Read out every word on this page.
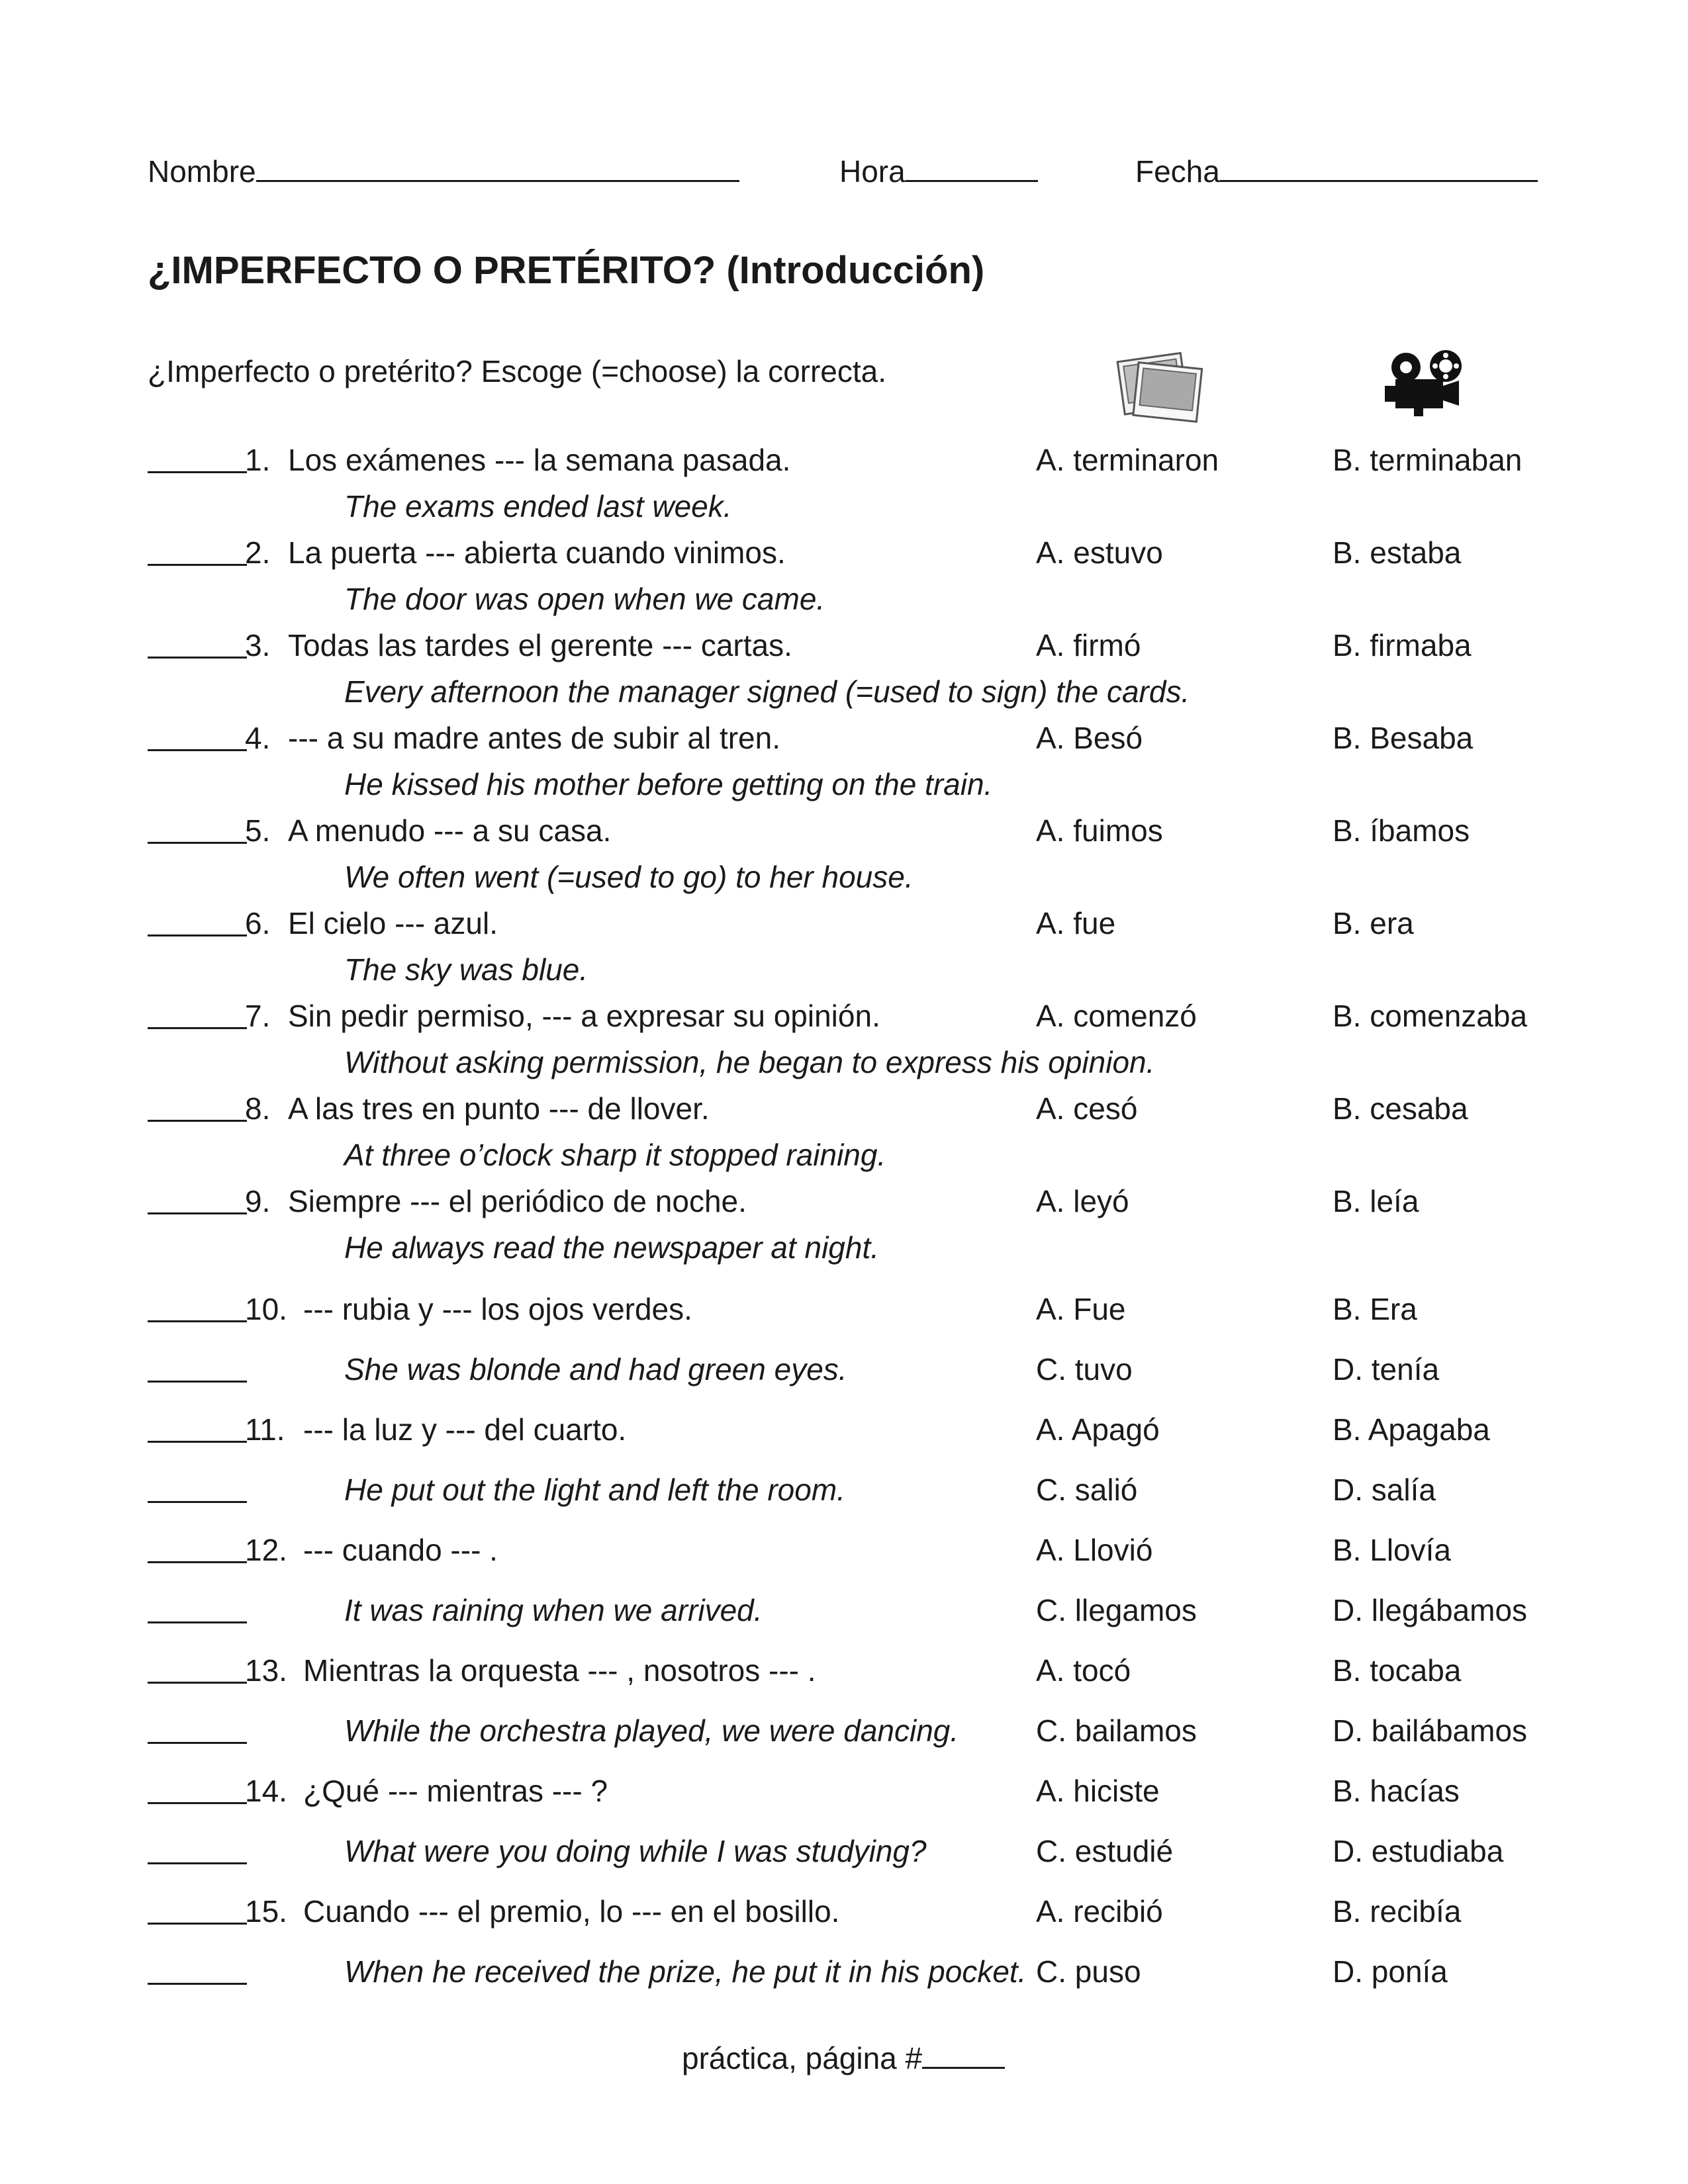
Nombre	Hora	Fecha
¿IMPERFECTO O PRETÉRITO? (Introducción)
¿Imperfecto o pretérito? Escoge (=choose) la correcta.
1. Los exámenes --- la semana pasada.	A. terminaron	B. terminaban
The exams ended last week.
2. La puerta --- abierta cuando vinimos.	A. estuvo	B. estaba
The door was open when we came.
3. Todas las tardes el gerente --- cartas.	A. firmó	B. firmaba
Every afternoon the manager signed (=used to sign) the cards.
4. --- a su madre antes de subir al tren.	A. Besó	B. Besaba
He kissed his mother before getting on the train.
5. A menudo --- a su casa.	A. fuimos	B. íbamos
We often went (=used to go) to her house.
6. El cielo --- azul.	A. fue	B. era
The sky was blue.
7. Sin pedir permiso, --- a expresar su opinión.	A. comenzó	B. comenzaba
Without asking permission, he began to express his opinion.
8. A las tres en punto --- de llover.	A. cesó	B. cesaba
At three o’clock sharp it stopped raining.
9. Siempre --- el periódico de noche.	A. leyó	B. leía
He always read the newspaper at night.
10. --- rubia y --- los ojos verdes.	A. Fue	B. Era
She was blonde and had green eyes.	C. tuvo	D. tenía
11. --- la luz y --- del cuarto.	A. Apagó	B. Apagaba
He put out the light and left the room.	C. salió	D. salía
12. --- cuando --- .	A. Llovió	B. Llovía
It was raining when we arrived.	C. llegamos	D. llegábamos
13. Mientras la orquesta --- , nosotros --- .	A. tocó	B. tocaba
While the orchestra played, we were dancing.	C. bailamos	D. bailábamos
14. ¿Qué --- mientras --- ?	A. hiciste	B. hacías
What were you doing while I was studying?	C. estudié	D. estudiaba
15. Cuando --- el premio, lo --- en el bosillo.	A. recibió	B. recibía
When he received the prize, he put it in his pocket. C. puso	D. ponía
práctica, página #
